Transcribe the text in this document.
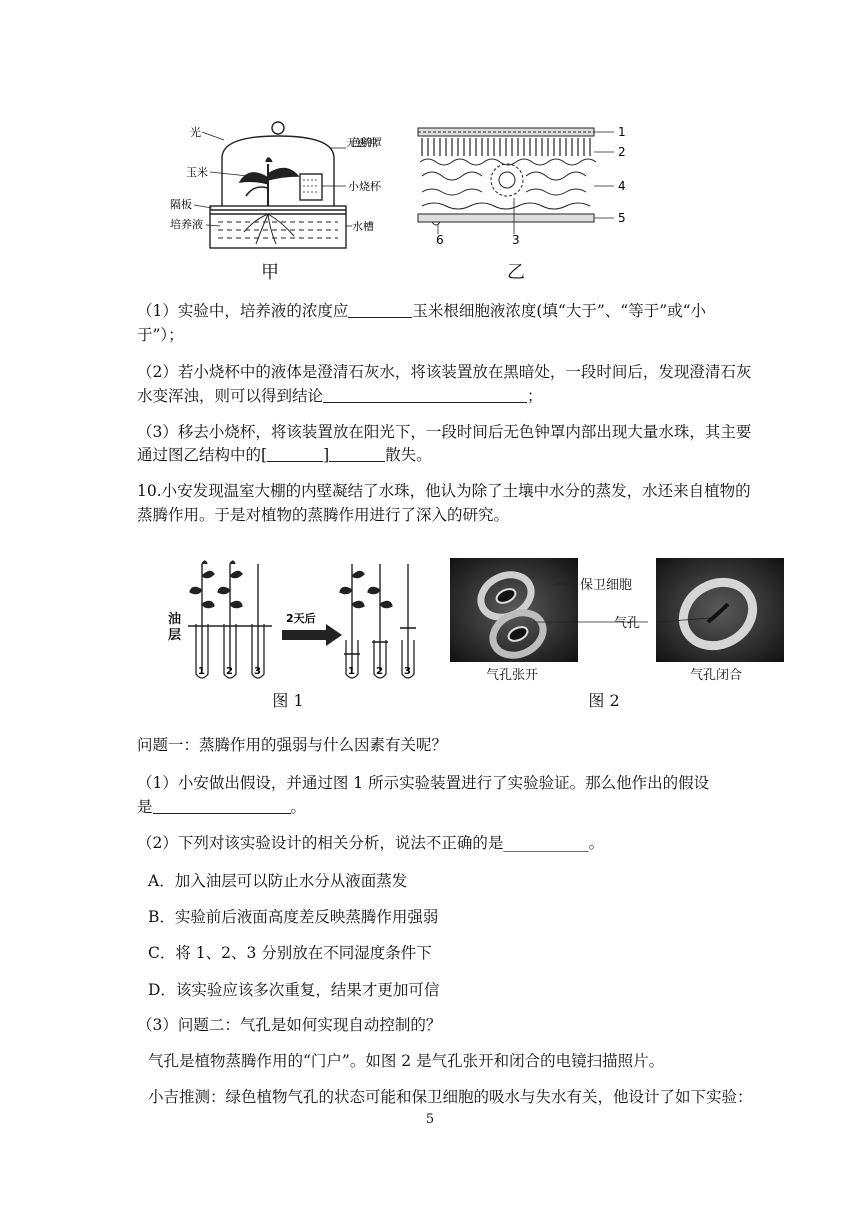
光
玉米
隔板
培养液
无色透明钟罩
小烧杯
水槽
1
2
4
5
6	3
甲	乙
（1）实验中，培养液的浓度应	玉米根细胞液浓度(填“大于”、“等于”或“小
于”）；
（2）若小烧杯中的液体是澄清石灰水，将该装置放在黑暗处，一段时间后，发现澄清石灰
水变浑浊，则可以得到结论	；
（3）移去小烧杯，将该装置放在阳光下，一段时间后无色钟罩内部出现大量水珠，其主要
通过图乙结构中的[	]	散失。
10.小安发现温室大棚的内壁凝结了水珠，他认为除了土壤中水分的蒸发，水还来自植物的
蒸腾作用。于是对植物的蒸腾作用进行了深入的研究。
1 2 3
2天后
1 2 3
油层
图 1
保卫细胞
气孔
气孔张开	气孔闭合
图 2
问题一：蒸腾作用的强弱与什么因素有关呢？
（1）小安做出假设，并通过图 1 所示实验装置进行了实验验证。那么他作出的假设
是	。
（2）下列对该实验设计的相关分析，说法不正确的是___________。
A．加入油层可以防止水分从液面蒸发
B．实验前后液面高度差反映蒸腾作用强弱
C．将 1、2、3 分别放在不同湿度条件下
D．该实验应该多次重复，结果才更加可信
（3）问题二：气孔是如何实现自动控制的？
气孔是植物蒸腾作用的“门户”。如图 2 是气孔张开和闭合的电镜扫描照片。
小吉推测：绿色植物气孔的状态可能和保卫细胞的吸水与失水有关，他设计了如下实验：
5
